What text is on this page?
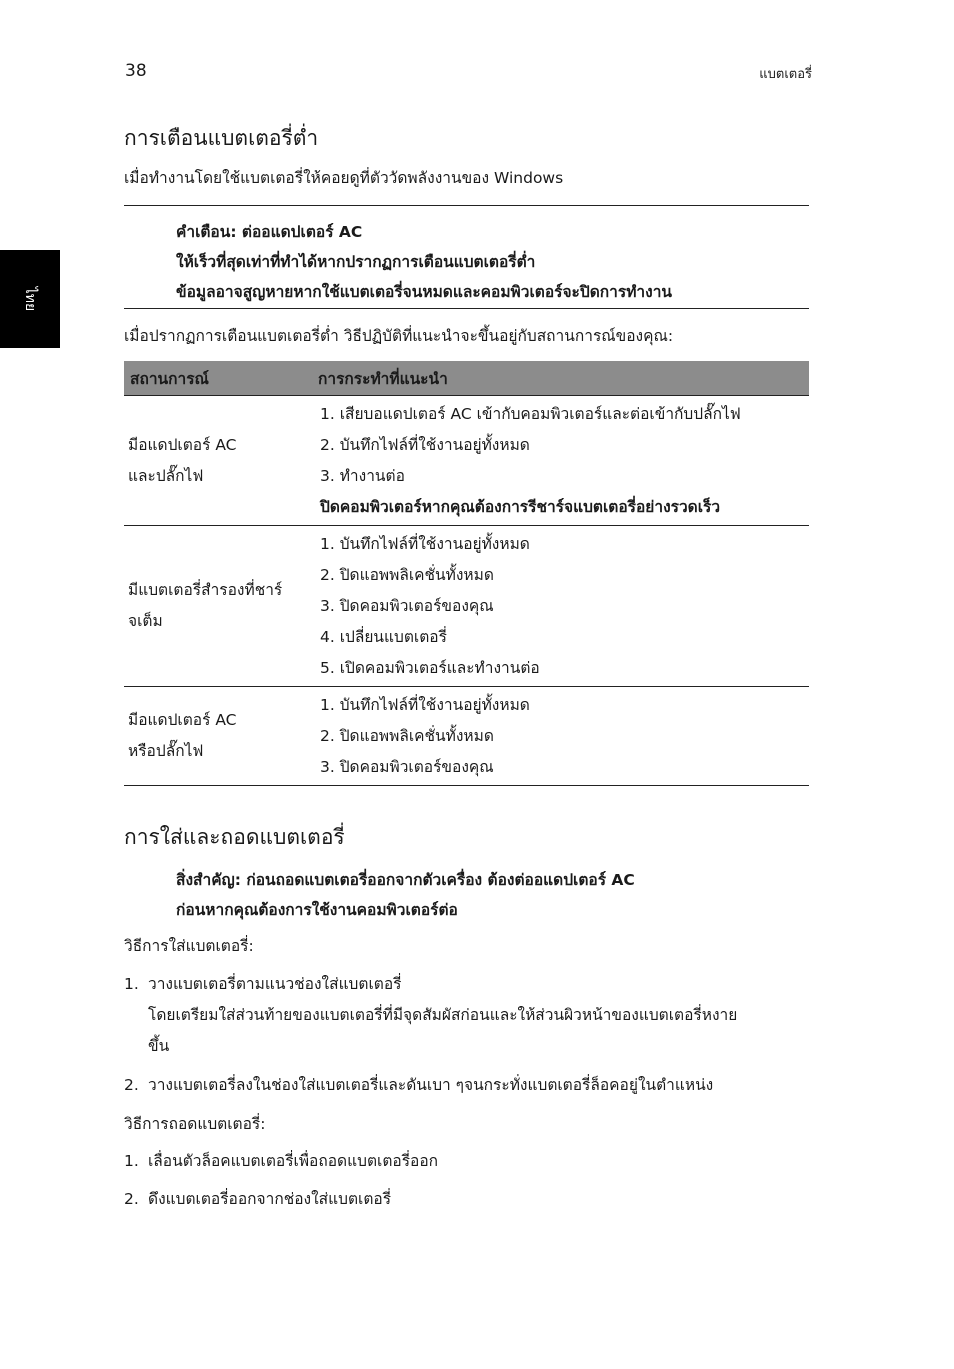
38	แบตเตอรี่
ไทย
การเตือนแบตเตอรี่ต่ำ
เมื่อทำงานโดยใช้แบตเตอรี่ให้คอยดูที่ตัววัดพลังงานของ Windows
คำเตือน: ต่ออแดปเตอร์ AC
ให้เร็วที่สุดเท่าที่ทำได้หากปรากฏการเตือนแบตเตอรี่ต่ำ
ข้อมูลอาจสูญหายหากใช้แบตเตอรี่จนหมดและคอมพิวเตอร์จะปิดการทำงาน
เมื่อปรากฏการเตือนแบตเตอรี่ต่ำ วิธีปฏิบัติที่แนะนำจะขึ้นอยู่กับสถานการณ์ของคุณ:
สถานการณ์	การกระทำที่แนะนำ
มีอแดปเตอร์ AC
และปลั๊กไฟ
1. เสียบอแดปเตอร์ AC เข้ากับคอมพิวเตอร์และต่อเข้ากับปลั๊กไฟ
2. บันทึกไฟล์ที่ใช้งานอยู่ทั้งหมด
3. ทำงานต่อ
ปิดคอมพิวเตอร์หากคุณต้องการรีชาร์จแบตเตอรี่อย่างรวดเร็ว
มีแบตเตอรี่สำรองที่ชาร์
จเต็ม
1. บันทึกไฟล์ที่ใช้งานอยู่ทั้งหมด
2. ปิดแอพพลิเคชั่นทั้งหมด
3. ปิดคอมพิวเตอร์ของคุณ
4. เปลี่ยนแบตเตอรี่
5. เปิดคอมพิวเตอร์และทำงานต่อ
มีอแดปเตอร์ AC
หรือปลั๊กไฟ
1. บันทึกไฟล์ที่ใช้งานอยู่ทั้งหมด
2. ปิดแอพพลิเคชั่นทั้งหมด
3. ปิดคอมพิวเตอร์ของคุณ
การใส่และถอดแบตเตอรี่
สิ่งสำคัญ: ก่อนถอดแบตเตอรี่ออกจากตัวเครื่อง ต้องต่ออแดปเตอร์ AC
ก่อนหากคุณต้องการใช้งานคอมพิวเตอร์ต่อ
วิธีการใส่แบตเตอรี่:
1. วางแบตเตอรี่ตามแนวช่องใส่แบตเตอรี่
โดยเตรียมใส่ส่วนท้ายของแบตเตอรี่ที่มีจุดสัมผัสก่อนและให้ส่วนผิวหน้าของแบตเตอรี่หงาย
ขึ้น
2. วางแบตเตอรี่ลงในช่องใส่แบตเตอรี่และดันเบา ๆจนกระทั่งแบตเตอรี่ล็อคอยู่ในตำแหน่ง
วิธีการถอดแบตเตอรี่:
1. เลื่อนตัวล็อคแบตเตอรี่เพื่อถอดแบตเตอรี่ออก
2. ดึงแบตเตอรี่ออกจากช่องใส่แบตเตอรี่
